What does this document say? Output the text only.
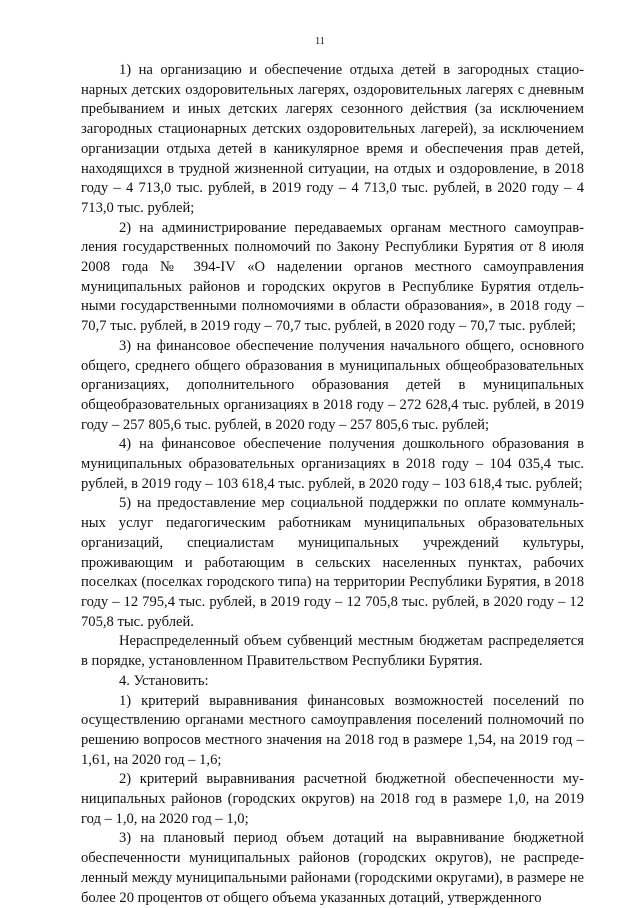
11

1) на организацию и обеспечение отдыха детей в загородных стационарных детских оздоровительных лагерях, оздоровительных лагерях с дневным пребыванием и иных детских лагерях сезонного действия (за исключением загородных стационарных детских оздоровительных лагерей), за исключением организации отдыха детей в каникулярное время и обеспечения прав детей, находящихся в трудной жизненной ситуации, на отдых и оздоровление, в 2018 году – 4 713,0 тыс. рублей, в 2019 году – 4 713,0 тыс. рублей, в 2020 году – 4 713,0 тыс. рублей;

2) на администрирование передаваемых органам местного самоуправления государственных полномочий по Закону Республики Бурятия от 8 июля 2008 года № 394-IV «О наделении органов местного самоуправления муниципальных районов и городских округов в Республике Бурятия отдельными государственными полномочиями в области образования», в 2018 году – 70,7 тыс. рублей, в 2019 году – 70,7 тыс. рублей, в 2020 году – 70,7 тыс. рублей;

3) на финансовое обеспечение получения начального общего, основного общего, среднего общего образования в муниципальных общеобразовательных организациях, дополнительного образования детей в муниципальных общеобразовательных организациях в 2018 году – 272 628,4 тыс. рублей, в 2019 году – 257 805,6 тыс. рублей, в 2020 году – 257 805,6 тыс. рублей;

4) на финансовое обеспечение получения дошкольного образования в муниципальных образовательных организациях в 2018 году – 104 035,4 тыс. рублей, в 2019 году – 103 618,4 тыс. рублей, в 2020 году – 103 618,4 тыс. рублей;

5) на предоставление мер социальной поддержки по оплате коммунальных услуг педагогическим работникам муниципальных образовательных организаций, специалистам муниципальных учреждений культуры, проживающим и работающим в сельских населенных пунктах, рабочих поселках (поселках городского типа) на территории Республики Бурятия, в 2018 году – 12 795,4 тыс. рублей, в 2019 году – 12 705,8 тыс. рублей, в 2020 году – 12 705,8 тыс. рублей.

Нераспределенный объем субвенций местным бюджетам распределяется в порядке, установленном Правительством Республики Бурятия.

4. Установить:

1) критерий выравнивания финансовых возможностей поселений по осуществлению органами местного самоуправления поселений полномочий по решению вопросов местного значения на 2018 год в размере 1,54, на 2019 год – 1,61, на 2020 год – 1,6;

2) критерий выравнивания расчетной бюджетной обеспеченности муниципальных районов (городских округов) на 2018 год в размере 1,0, на 2019 год – 1,0, на 2020 год – 1,0;

3) на плановый период объем дотаций на выравнивание бюджетной обеспеченности муниципальных районов (городских округов), не распределенный между муниципальными районами (городскими округами), в размере не более 20 процентов от общего объема указанных дотаций, утвержденного
